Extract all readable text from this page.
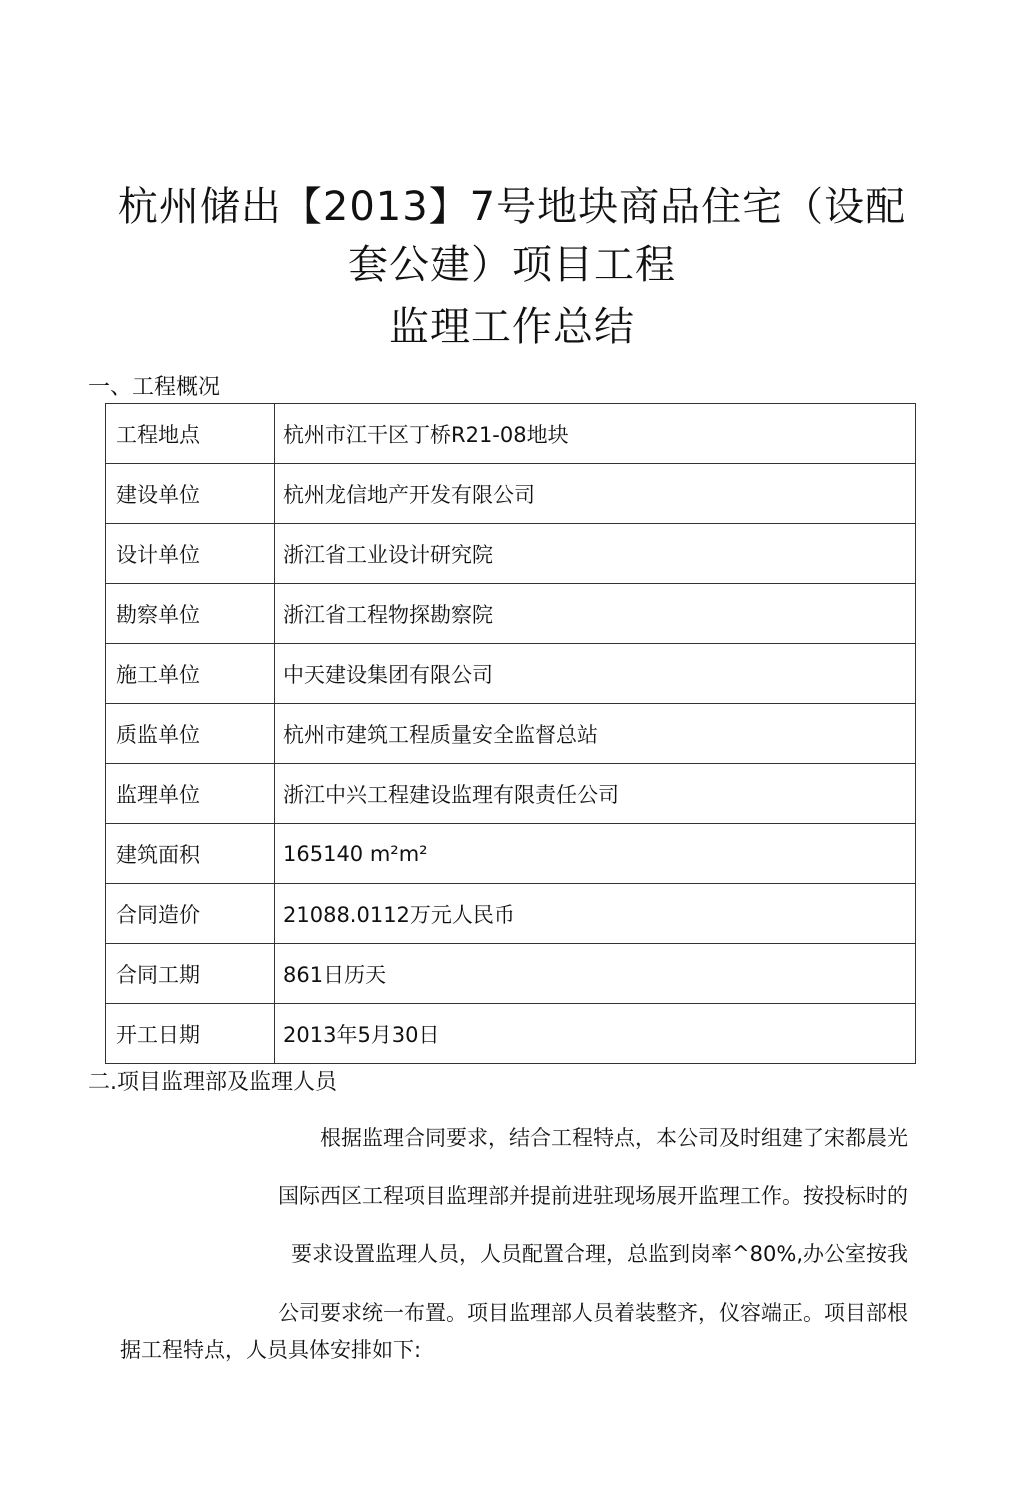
杭州储出【2013】7号地块商品住宅（设配
套公建）项目工程
监理工作总结
一、工程概况
工程地点	杭州市江干区丁桥R21-08地块
建设单位	杭州龙信地产开发有限公司
设计单位	浙江省工业设计研究院
勘察单位	浙江省工程物探勘察院
施工单位	中天建设集团有限公司
质监单位	杭州市建筑工程质量安全监督总站
监理单位	浙江中兴工程建设监理有限责任公司
建筑面积	165140 m²m²
合同造价	21088.0112万元人民币
合同工期	861日历天
开工日期	2013年5月30日
二.项目监理部及监理人员
根据监理合同要求，结合工程特点，本公司及时组建了宋都晨光
国际西区工程项目监理部并提前进驻现场展开监理工作。按投标时的
要求设置监理人员，人员配置合理，总监到岗率^80%,办公室按我
公司要求统一布置。项目监理部人员着装整齐，仪容端正。项目部根
据工程特点，人员具体安排如下:
